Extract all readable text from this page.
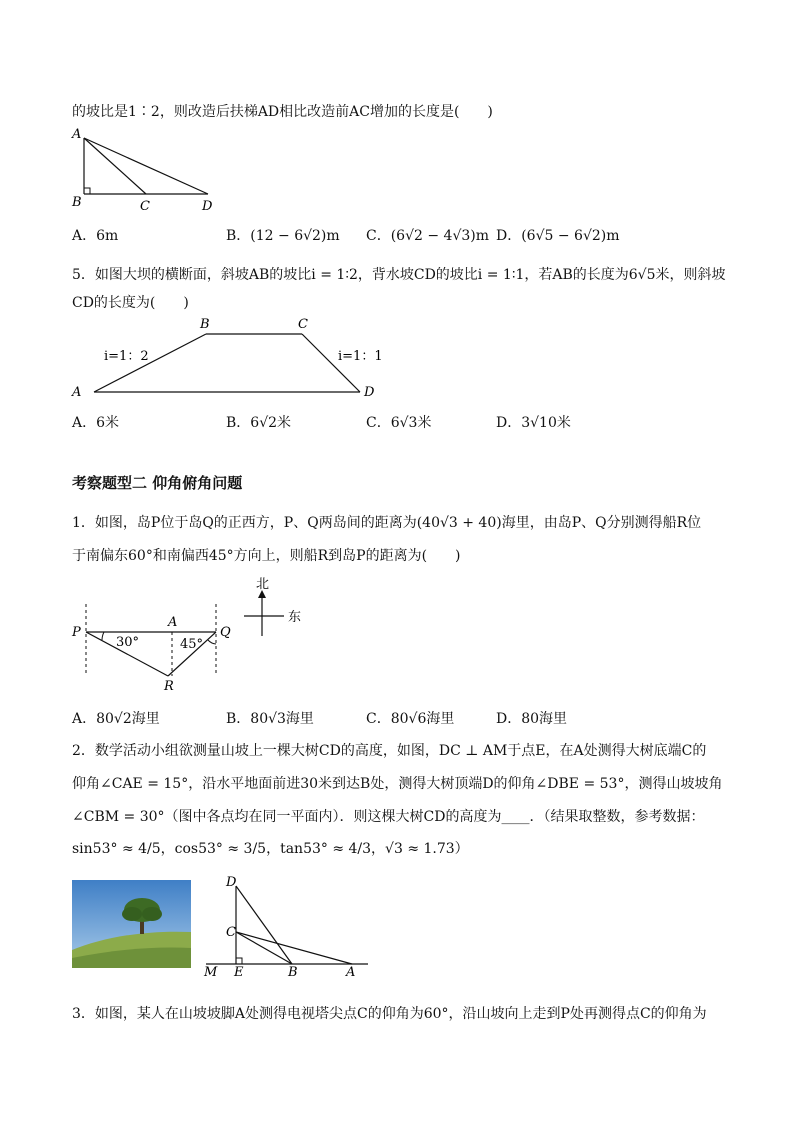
的坡比是1∶2，则改造后扶梯AD相比改造前AC增加的长度是(　　)
A
B	C	D
A．6m	B．(12 − 6√2)m C．(6√2 − 4√3)m D．(6√5 − 6√2)m
5．如图大坝的横断面，斜坡AB的坡比i = 1∶2，背水坡CD的坡比i = 1∶1，若AB的长度为6√5米，则斜坡
CD的长度为(　　)
B	C
A	D
i=1：2	i=1：1
A．6米	B．6√2米	C．6√3米	D．3√10米
考察题型二 仰角俯角问题
1．如图，岛P位于岛Q的正西方，P、Q两岛间的距离为(40√3 + 40)海里，由岛P、Q分别测得船R位
于南偏东60°和南偏西45°方向上，则船R到岛P的距离为(　　)
P
A
Q
R
30°	45°
北
东
A．80√2海里	B．80√3海里	C．80√6海里	D．80海里
2．数学活动小组欲测量山坡上一棵大树CD的高度，如图，DC ⊥ AM于点E，在A处测得大树底端C的
仰角∠CAE = 15°，沿水平地面前进30米到达B处，测得大树顶端D的仰角∠DBE = 53°，测得山坡坡角
∠CBM = 30°（图中各点均在同一平面内）．则这棵大树CD的高度为____．（结果取整数，参考数据：
sin53° ≈ 4/5，cos53° ≈ 3/5，tan53° ≈ 4/3，√3 ≈ 1.73）
D
C
M E	B	A
3．如图，某人在山坡坡脚A处测得电视塔尖点C的仰角为60°，沿山坡向上走到P处再测得点C的仰角为
